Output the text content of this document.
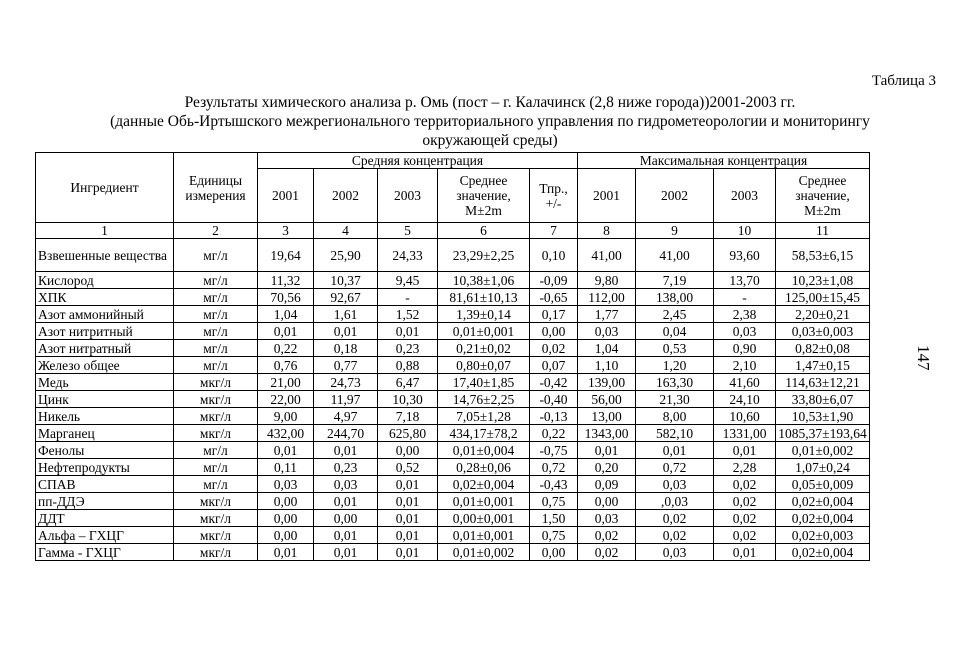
Таблица 3
Результаты химического анализа р. Омь (пост – г. Калачинск (2,8 ниже города))2001-2003 гг.
(данные Обь-Иртышского межрегионального территориального управления по гидрометеорологии и мониторингу
окружающей среды)
147
Ингредиент	Единицы измерения	Средняя концентрация					Максимальная концентрация			
		2001	2002	2003	Среднее значение, М±2m	Тпр., +/-	2001	2002	2003	Среднее значение, М±2m
1	2	3	4	5	6	7	8	9	10	11
Взвешенные вещества	мг/л	19,64	25,90	24,33	23,29±2,25	0,10	41,00	41,00	93,60	58,53±6,15
Кислород	мг/л	11,32	10,37	9,45	10,38±1,06	-0,09	9,80	7,19	13,70	10,23±1,08
ХПК	мг/л	70,56	92,67	-	81,61±10,13	-0,65	112,00	138,00	-	125,00±15,45
Азот аммонийный	мг/л	1,04	1,61	1,52	1,39±0,14	0,17	1,77	2,45	2,38	2,20±0,21
Азот нитритный	мг/л	0,01	0,01	0,01	0,01±0,001	0,00	0,03	0,04	0,03	0,03±0,003
Азот нитратный	мг/л	0,22	0,18	0,23	0,21±0,02	0,02	1,04	0,53	0,90	0,82±0,08
Железо общее	мг/л	0,76	0,77	0,88	0,80±0,07	0,07	1,10	1,20	2,10	1,47±0,15
Медь	мкг/л	21,00	24,73	6,47	17,40±1,85	-0,42	139,00	163,30	41,60	114,63±12,21
Цинк	мкг/л	22,00	11,97	10,30	14,76±2,25	-0,40	56,00	21,30	24,10	33,80±6,07
Никель	мкг/л	9,00	4,97	7,18	7,05±1,28	-0,13	13,00	8,00	10,60	10,53±1,90
Марганец	мкг/л	432,00	244,70	625,80	434,17±78,2	0,22	1343,00	582,10	1331,00	1085,37±193,64
Фенолы	мг/л	0,01	0,01	0,00	0,01±0,004	-0,75	0,01	0,01	0,01	0,01±0,002
Нефтепродукты	мг/л	0,11	0,23	0,52	0,28±0,06	0,72	0,20	0,72	2,28	1,07±0,24
СПАВ	мг/л	0,03	0,03	0,01	0,02±0,004	-0,43	0,09	0,03	0,02	0,05±0,009
пп-ДДЭ	мкг/л	0,00	0,01	0,01	0,01±0,001	0,75	0,00	,0,03	0,02	0,02±0,004
ДДТ	мкг/л	0,00	0,00	0,01	0,00±0,001	1,50	0,03	0,02	0,02	0,02±0,004
Альфа – ГХЦГ	мкг/л	0,00	0,01	0,01	0,01±0,001	0,75	0,02	0,02	0,02	0,02±0,003
Гамма - ГХЦГ	мкг/л	0,01	0,01	0,01	0,01±0,002	0,00	0,02	0,03	0,01	0,02±0,004
